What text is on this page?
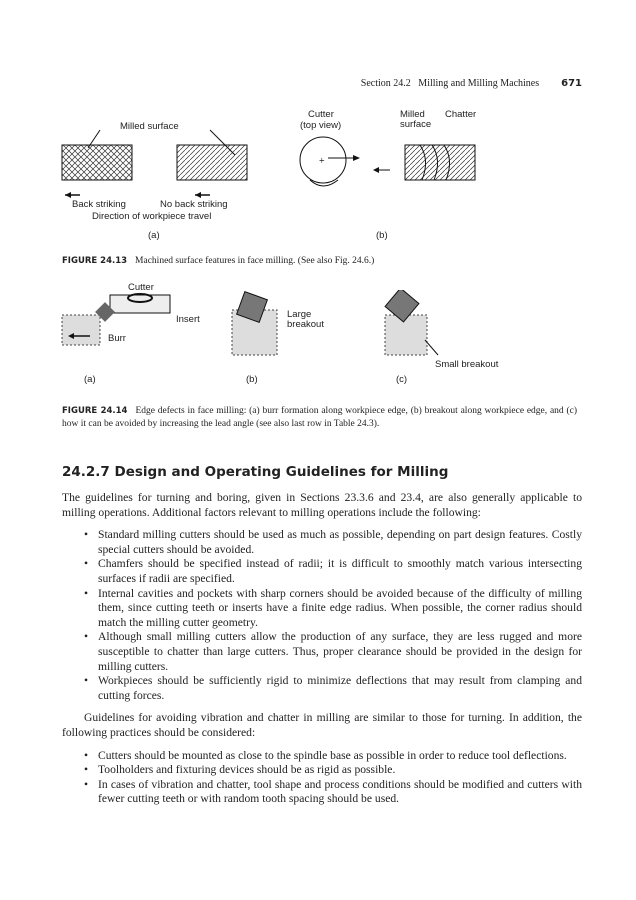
Section 24.2 Milling and Milling Machines 671
+
Milled surface
Cutter
(top view)
Milled
surface
Chatter
Back striking	No back striking
Direction of workpiece travel
(a)	(b)
FIGURE 24.13 Machined surface features in face milling. (See also Fig. 24.6.)
Cutter
Insert
Burr
Large
breakout
Small breakout
(a)	(b)	(c)
FIGURE 24.14 Edge defects in face milling: (a) burr formation along workpiece edge, (b) breakout along workpiece edge, and (c) how it can be avoided by increasing the lead angle (see also last row in Table 24.3).
24.2.7 Design and Operating Guidelines for Milling

The guidelines for turning and boring, given in Sections 23.3.6 and 23.4, are also generally applicable to milling operations. Additional factors relevant to milling operations include the following:

• Standard milling cutters should be used as much as possible, depending on part design features. Costly special cutters should be avoided.
• Chamfers should be specified instead of radii; it is difficult to smoothly match various intersecting surfaces if radii are specified.
• Internal cavities and pockets with sharp corners should be avoided because of the difficulty of milling them, since cutting teeth or inserts have a finite edge radius. When possible, the corner radius should match the milling cutter geometry.
• Although small milling cutters allow the production of any surface, they are less rugged and more susceptible to chatter than large cutters. Thus, proper clearance should be provided in the design for milling cutters.
• Workpieces should be sufficiently rigid to minimize deflections that may result from clamping and cutting forces.

Guidelines for avoiding vibration and chatter in milling are similar to those for turning. In addition, the following practices should be considered:

• Cutters should be mounted as close to the spindle base as possible in order to reduce tool deflections.
• Toolholders and fixturing devices should be as rigid as possible.
• In cases of vibration and chatter, tool shape and process conditions should be modified and cutters with fewer cutting teeth or with random tooth spacing should be used.
